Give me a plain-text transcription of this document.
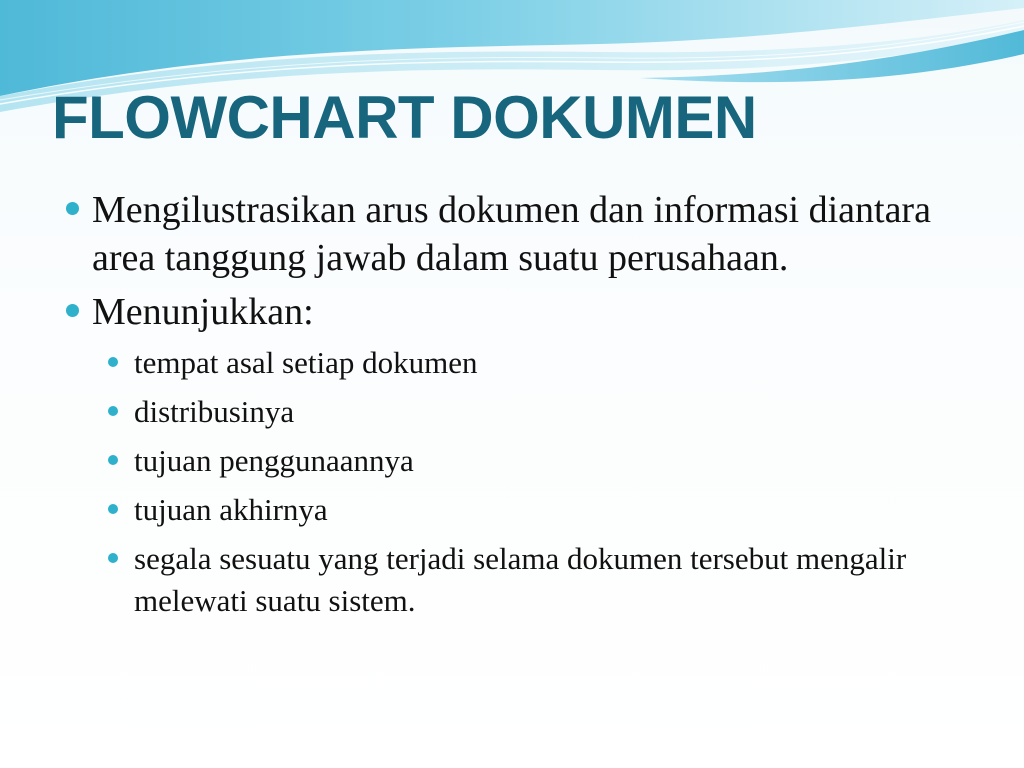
FLOWCHART DOKUMEN
Mengilustrasikan arus dokumen dan informasi diantara area tanggung jawab dalam suatu perusahaan.
Menunjukkan:
tempat asal setiap dokumen
distribusinya
tujuan penggunaannya
tujuan akhirnya
segala sesuatu yang terjadi selama dokumen tersebut mengalir melewati suatu sistem.
